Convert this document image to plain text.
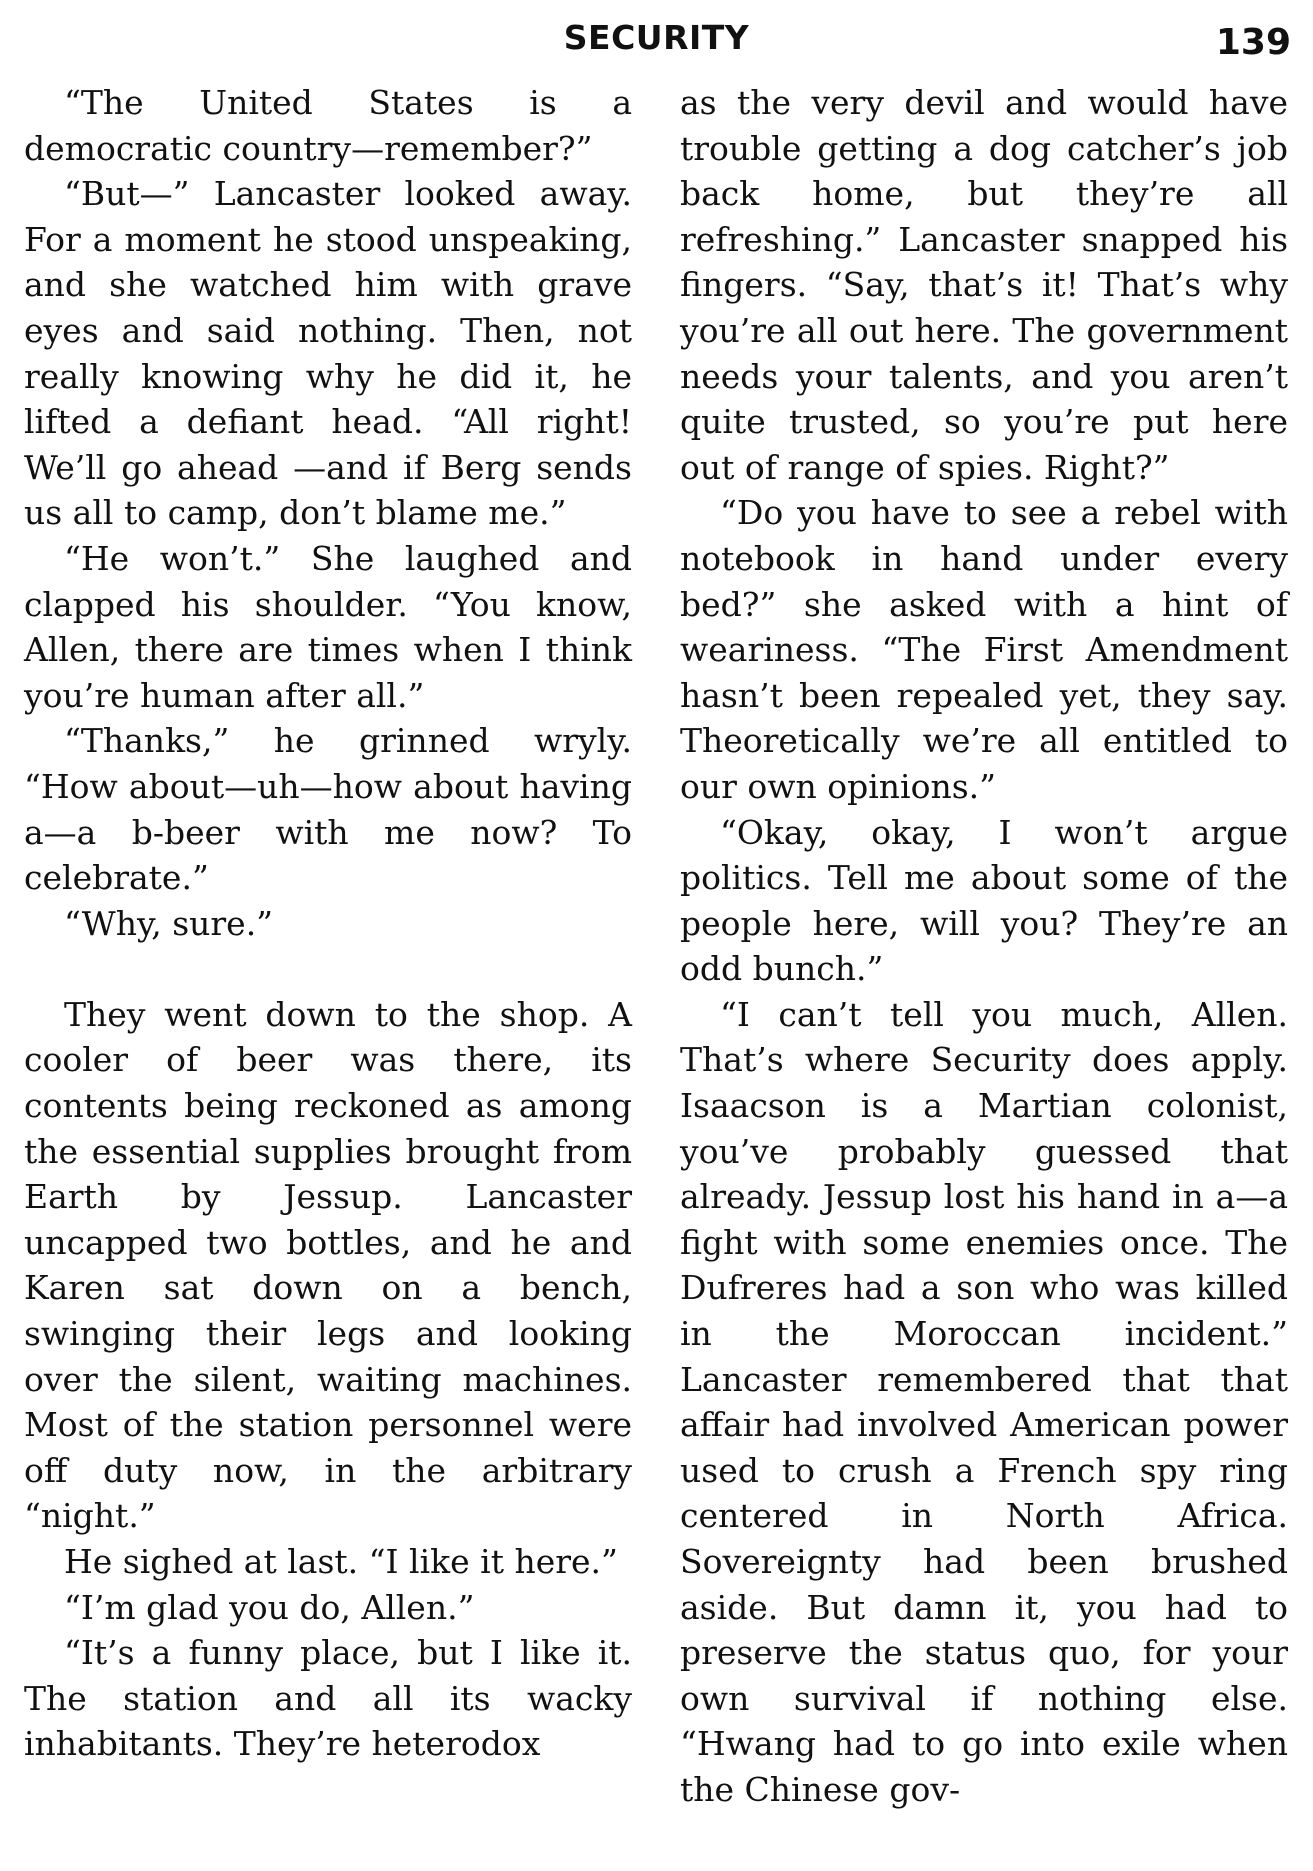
SECURITY	139

“The United States is a democratic country—remember?”

“But—” Lancaster looked away. For a moment he stood unspeaking, and she watched him with grave eyes and said nothing. Then, not really knowing why he did it, he lifted a defiant head. “All right! We’ll go ahead —and if Berg sends us all to camp, don’t blame me.”

“He won’t.” She laughed and clapped his shoulder. “You know, Allen, there are times when I think you’re human after all.”

“Thanks,” he grinned wryly. “How about—uh—how about having a—a b-beer with me now? To celebrate.”

“Why, sure.”

They went down to the shop. A cooler of beer was there, its contents being reckoned as among the essential supplies brought from Earth by Jessup. Lancaster uncapped two bottles, and he and Karen sat down on a bench, swinging their legs and looking over the silent, waiting machines. Most of the station personnel were off duty now, in the arbitrary “night.”

He sighed at last. “I like it here.”

“I’m glad you do, Allen.”

“It’s a funny place, but I like it. The station and all its wacky inhabitants. They’re heterodox

as the very devil and would have trouble getting a dog catcher’s job back home, but they’re all refreshing.” Lancaster snapped his fingers. “Say, that’s it! That’s why you’re all out here. The government needs your talents, and you aren’t quite trusted, so you’re put here out of range of spies. Right?”

“Do you have to see a rebel with notebook in hand under every bed?” she asked with a hint of weariness. “The First Amendment hasn’t been repealed yet, they say. Theoretically we’re all entitled to our own opinions.”

“Okay, okay, I won’t argue politics. Tell me about some of the people here, will you? They’re an odd bunch.”

“I can’t tell you much, Allen. That’s where Security does apply. Isaacson is a Martian colonist, you’ve probably guessed that already. Jessup lost his hand in a—a fight with some enemies once. The Dufreres had a son who was killed in the Moroccan incident.” Lancaster remembered that that affair had involved American power used to crush a French spy ring centered in North Africa. Sovereignty had been brushed aside. But damn it, you had to preserve the status quo, for your own survival if nothing else. “Hwang had to go into exile when the Chinese gov-
